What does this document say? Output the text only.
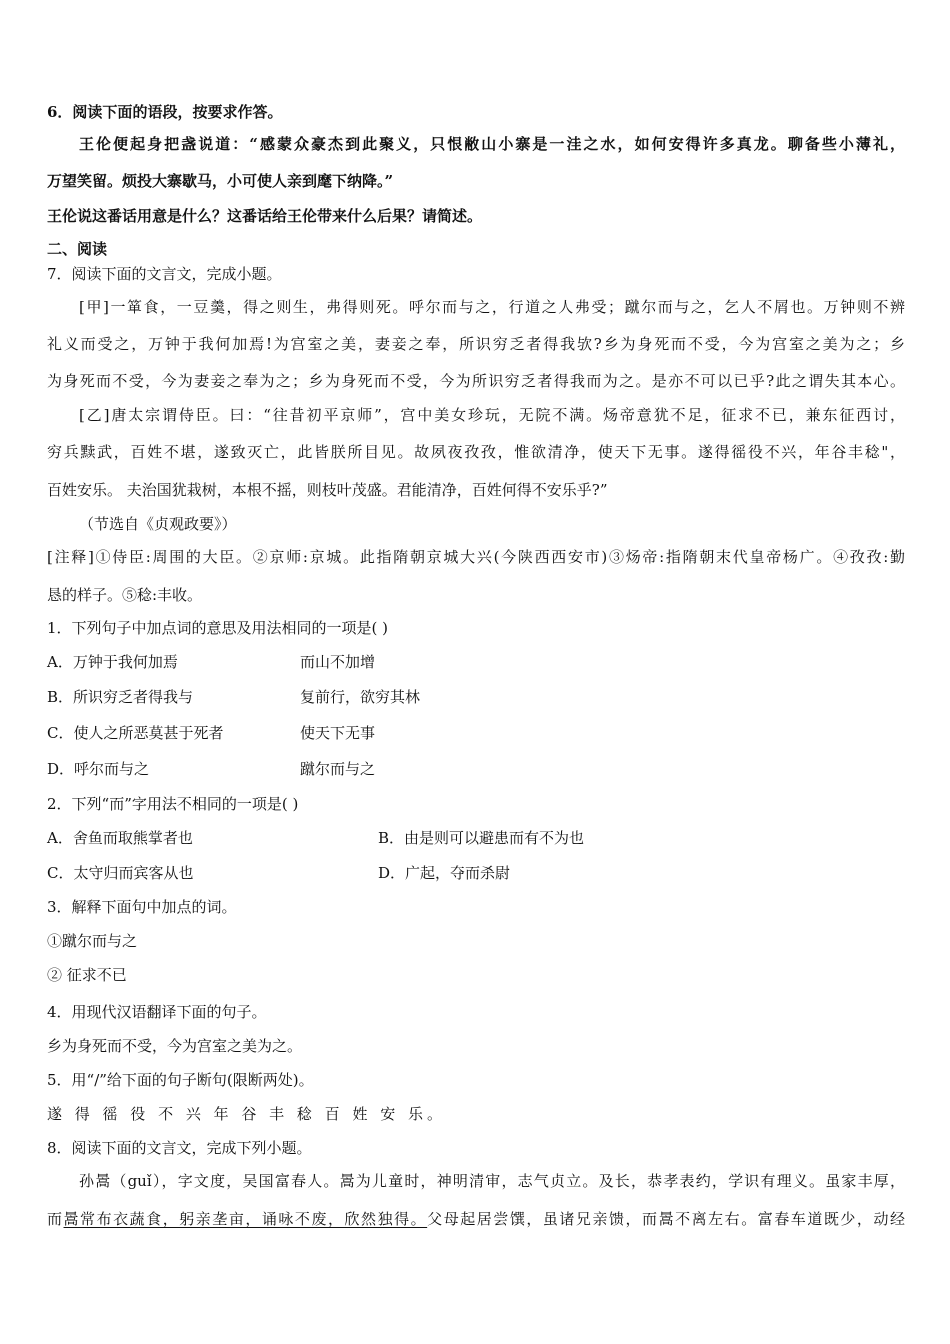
6．阅读下面的语段，按要求作答。
王伦便起身把盏说道：“感蒙众豪杰到此聚义，只恨敝山小寨是一洼之水，如何安得许多真龙。聊备些小薄礼，
万望笑留。烦投大寨歇马，小可使人亲到麾下纳降。”
王伦说这番话用意是什么？这番话给王伦带来什么后果？请简述。
二、阅读
7．阅读下面的文言文，完成小题。
[甲]一箪食，一豆羹，得之则生，弗得则死。呼尔而与之，行道之人弗受；蹴尔而与之，乞人不屑也。万钟则不辨
礼义而受之，万钟于我何加焉!为宫室之美，妻妾之奉，所识穷乏者得我欤?乡为身死而不受，今为宫室之美为之；乡
为身死而不受，今为妻妾之奉为之；乡为身死而不受，今为所识穷乏者得我而为之。是亦不可以已乎?此之谓失其本心。
[乙]唐太宗谓侍臣。曰：“往昔初平京师”，宫中美女珍玩，无院不满。炀帝意犹不足，征求不已，兼东征西讨，
穷兵黩武，百姓不堪，遂致灭亡，此皆朕所目见。故夙夜孜孜，惟欲清净，使天下无事。遂得徭役不兴，年谷丰稔"，
百姓安乐。 夫治国犹栽树，本根不摇，则枝叶茂盛。君能清净，百姓何得不安乐乎?”
（节选自《贞观政要》）
[注释]①侍臣:周围的大臣。②京师:京城。此指隋朝京城大兴(今陕西西安市)③炀帝:指隋朝末代皇帝杨广。④孜孜:勤
恳的样子。⑤稔:丰收。
1．下列句子中加点词的意思及用法相同的一项是( )
A．万钟于我何加焉	而山不加增
B．所识穷乏者得我与	复前行，欲穷其林
C．使人之所恶莫甚于死者	使天下无事
D．呼尔而与之	蹴尔而与之
2．下列“而”字用法不相同的一项是( )
A．舍鱼而取熊掌者也	B．由是则可以避患而有不为也
C．太守归而宾客从也	D．广起，夺而杀尉
3．解释下面句中加点的词。
①蹴尔而与之
② 征求不已
4．用现代汉语翻译下面的句子。
乡为身死而不受，今为宫室之美为之。
5．用“/”给下面的句子断句(限断两处)。
遂 得 徭 役 不 兴 年 谷 丰 稔 百 姓 安 乐。
8．阅读下面的文言文，完成下列小题。
孙暠（guǐ），字文度，吴国富春人。暠为儿童时，神明清审，志气贞立。及长，恭孝表约，学识有理义。虽家丰厚，
而暠常布衣蔬食，躬亲垄亩，诵咏不废，欣然独得。父母起居尝馔，虽诸兄亲馈，而暠不离左右。富春车道既少，动经
